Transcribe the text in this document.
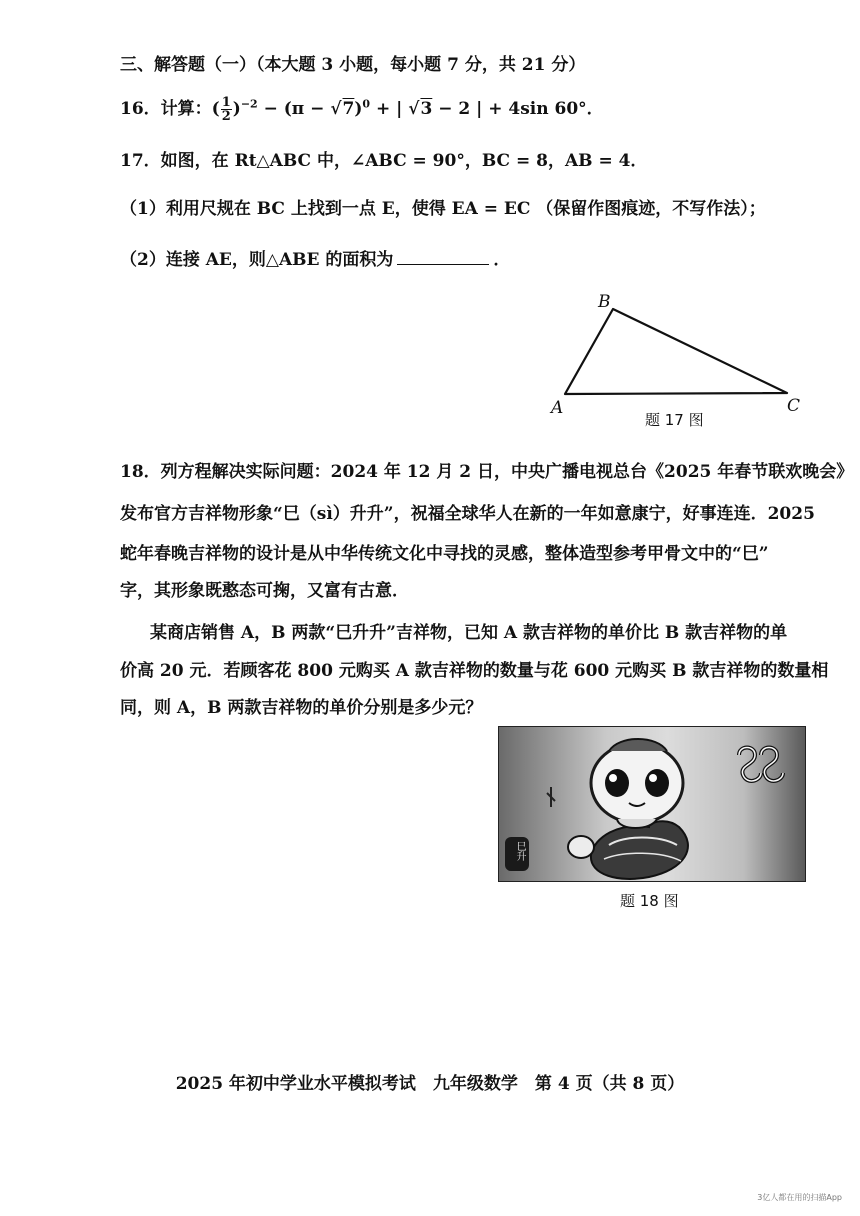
三、解答题（一）（本大题 3 小题，每小题 7 分，共 21 分）
16．计算：( $\frac{1}{2} )^{-2} - (\pi - √7)^0$ + | √3 − 2 | + 4sin 60°．
17．如图，在 Rt△ABC 中，∠ABC = 90°，BC = 8，AB = 4．
（1）利用尺规在 BC 上找到一点 E，使得 EA = EC （保留作图痕迹，不写作法）；
（2）连接 AE，则△ABE 的面积为	．
B
A	C
题 17 图
18．列方程解决实际问题：2024 年 12 月 2 日，中央广播电视总台《2025 年春节联欢晚会》
发布官方吉祥物形象“巳（sì）升升”，祝福全球华人在新的一年如意康宁，好事连连．2025
蛇年春晚吉祥物的设计是从中华传统文化中寻找的灵感，整体造型参考甲骨文中的“巳”
字，其形象既憨态可掬，又富有古意．
某商店销售 A，B 两款“巳升升”吉祥物，已知 A 款吉祥物的单价比 B 款吉祥物的单
价高 20 元．若顾客花 800 元购买 A 款吉祥物的数量与花 600 元购买 B 款吉祥物的数量相
同，则 A，B 两款吉祥物的单价分别是多少元？
巳升
题 18 图
2025 年初中学业水平模拟考试　九年级数学　第 4 页（共 8 页）
3亿人都在用的扫描App
